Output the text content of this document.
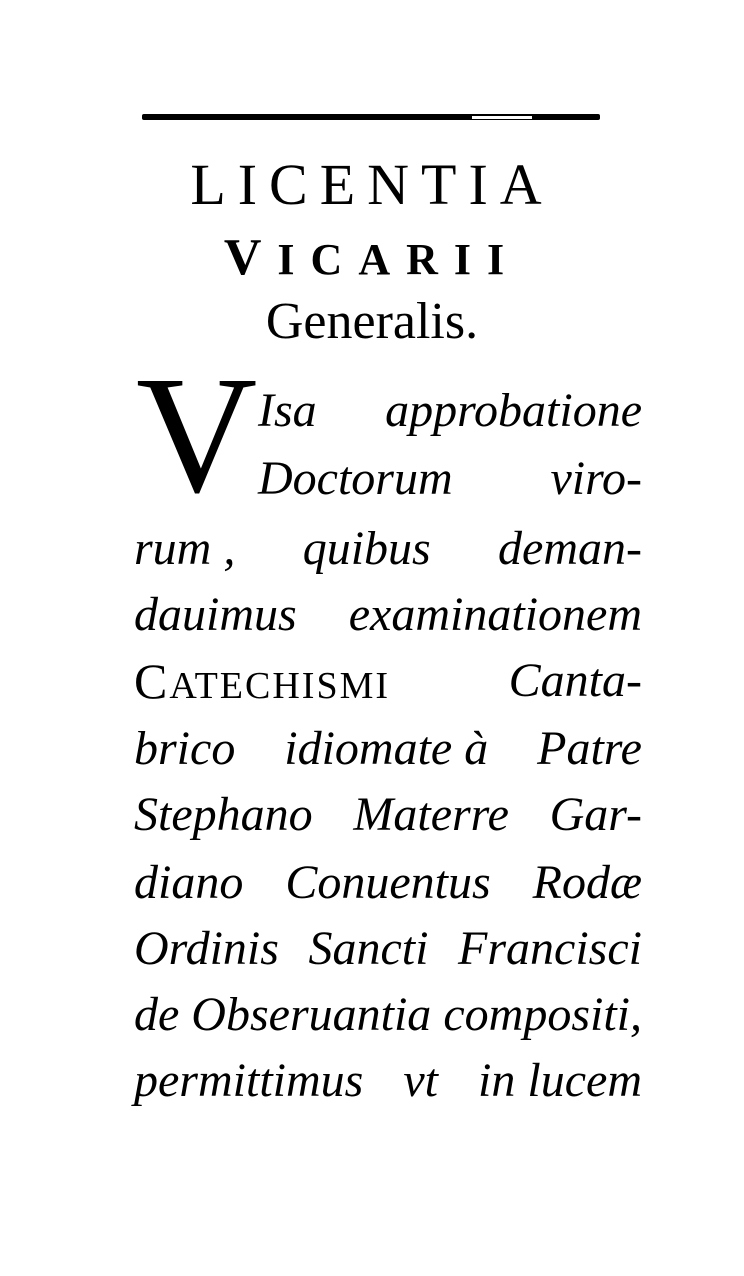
LICENTIA
VICARII
Generalis.
V Isa approbatione
Doctorum viro-
rum , quibus deman-
dauimus examinationem
CATECHISMI Canta-
brico idiomate à Patre
Stephano Materre Gar-
diano Conuentus Rodæ
Ordinis Sancti Francisci
de Obseruantia compositi,
permittimus vt in lucem
